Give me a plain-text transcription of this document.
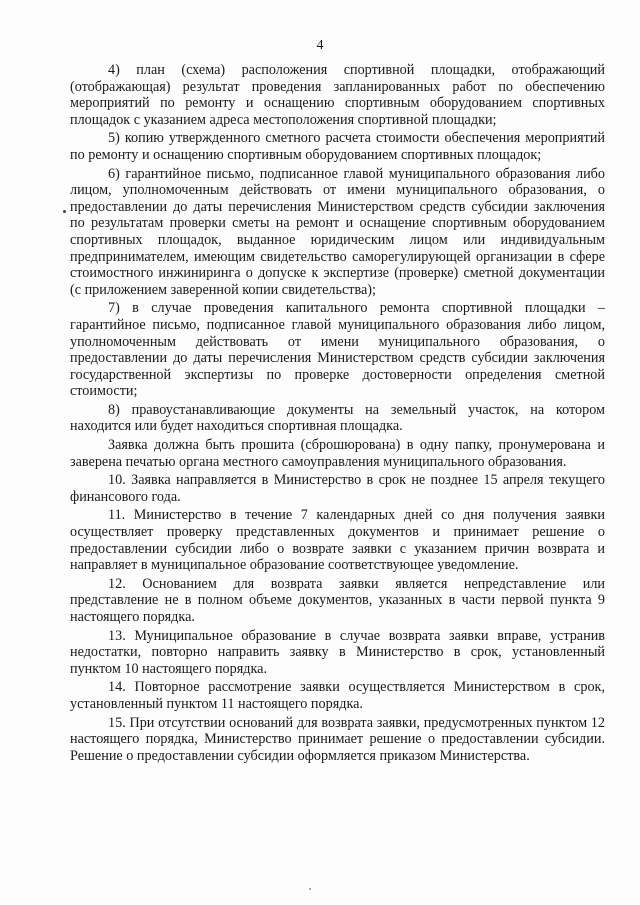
4

4) план (схема) расположения спортивной площадки, отображающий (отображающая) результат проведения запланированных работ по обеспечению мероприятий по ремонту и оснащению спортивным оборудованием спортивных площадок с указанием адреса местоположения спортивной площадки;

5) копию утвержденного сметного расчета стоимости обеспечения мероприятий по ремонту и оснащению спортивным оборудованием спортивных площадок;

6) гарантийное письмо, подписанное главой муниципального образования либо лицом, уполномоченным действовать от имени муниципального образования, о предоставлении до даты перечисления Министерством средств субсидии заключения по результатам проверки сметы на ремонт и оснащение спортивным оборудованием спортивных площадок, выданное юридическим лицом или индивидуальным предпринимателем, имеющим свидетельство саморегулирующей организации в сфере стоимостного инжиниринга о допуске к экспертизе (проверке) сметной документации (с приложением заверенной копии свидетельства);

7) в случае проведения капитального ремонта спортивной площадки – гарантийное письмо, подписанное главой муниципального образования либо лицом, уполномоченным действовать от имени муниципального образования, о предоставлении до даты перечисления Министерством средств субсидии заключения государственной экспертизы по проверке достоверности определения сметной стоимости;

8) правоустанавливающие документы на земельный участок, на котором находится или будет находиться спортивная площадка.

Заявка должна быть прошита (сброшюрована) в одну папку, пронумерована и заверена печатью органа местного самоуправления муниципального образования.

10. Заявка направляется в Министерство в срок не позднее 15 апреля текущего финансового года.

11. Министерство в течение 7 календарных дней со дня получения заявки осуществляет проверку представленных документов и принимает решение о предоставлении субсидии либо о возврате заявки с указанием причин возврата и направляет в муниципальное образование соответствующее уведомление.

12. Основанием для возврата заявки является непредставление или представление не в полном объеме документов, указанных в части первой пункта 9 настоящего порядка.

13. Муниципальное образование в случае возврата заявки вправе, устранив недостатки, повторно направить заявку в Министерство в срок, установленный пунктом 10 настоящего порядка.

14. Повторное рассмотрение заявки осуществляется Министерством в срок, установленный пунктом 11 настоящего порядка.

15. При отсутствии оснований для возврата заявки, предусмотренных пунктом 12 настоящего порядка, Министерство принимает решение о предоставлении субсидии. Решение о предоставлении субсидии оформляется приказом Министерства.
